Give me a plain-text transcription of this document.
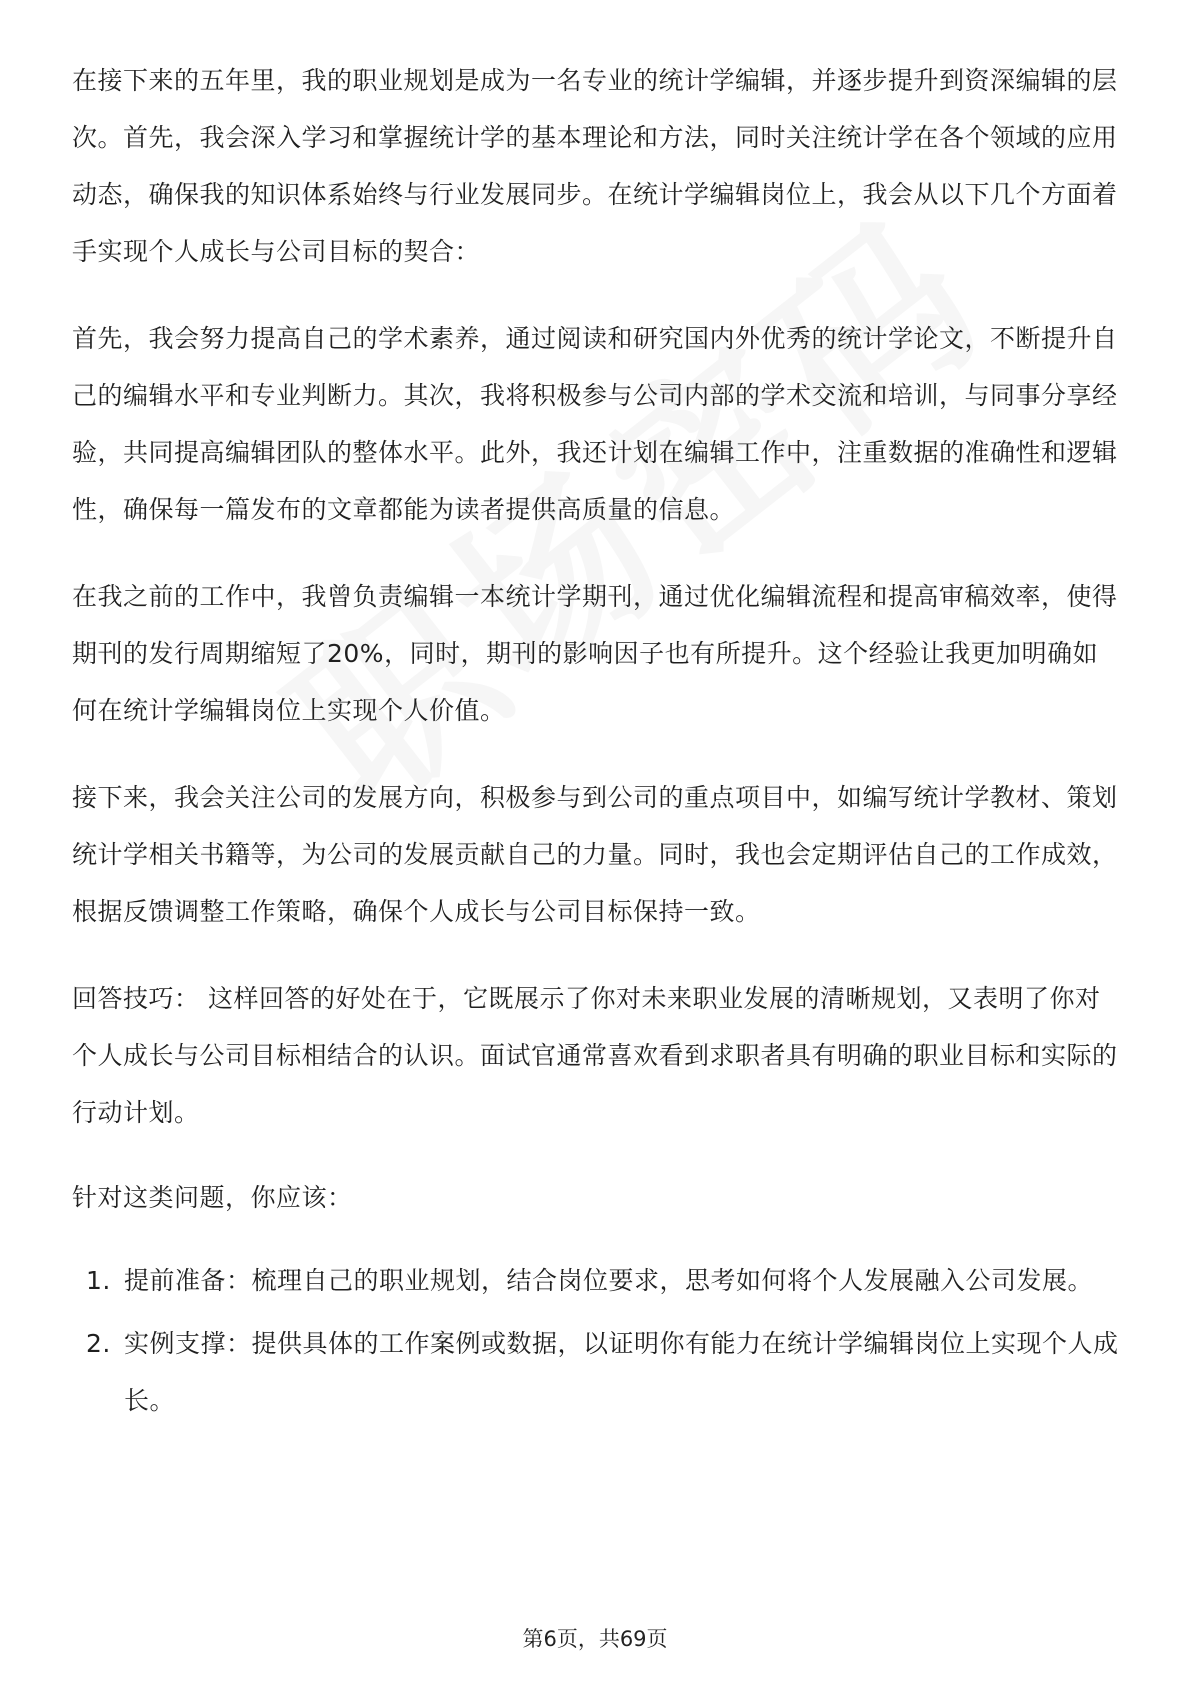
在接下来的五年里，我的职业规划是成为一名专业的统计学编辑，并逐步提升到资深编辑的层次。首先，我会深入学习和掌握统计学的基本理论和方法，同时关注统计学在各个领域的应用动态，确保我的知识体系始终与行业发展同步。在统计学编辑岗位上，我会从以下几个方面着手实现个人成长与公司目标的契合：

首先，我会努力提高自己的学术素养，通过阅读和研究国内外优秀的统计学论文，不断提升自己的编辑水平和专业判断力。其次，我将积极参与公司内部的学术交流和培训，与同事分享经验，共同提高编辑团队的整体水平。此外，我还计划在编辑工作中，注重数据的准确性和逻辑性，确保每一篇发布的文章都能为读者提供高质量的信息。

在我之前的工作中，我曾负责编辑一本统计学期刊，通过优化编辑流程和提高审稿效率，使得期刊的发行周期缩短了20%，同时，期刊的影响因子也有所提升。这个经验让我更加明确如何在统计学编辑岗位上实现个人价值。

接下来，我会关注公司的发展方向，积极参与到公司的重点项目中，如编写统计学教材、策划统计学相关书籍等，为公司的发展贡献自己的力量。同时，我也会定期评估自己的工作成效，根据反馈调整工作策略，确保个人成长与公司目标保持一致。

回答技巧： 这样回答的好处在于，它既展示了你对未来职业发展的清晰规划，又表明了你对个人成长与公司目标相结合的认识。面试官通常喜欢看到求职者具有明确的职业目标和实际的行动计划。

针对这类问题，你应该：

1. 提前准备：梳理自己的职业规划，结合岗位要求，思考如何将个人发展融入公司发展。
2. 实例支撑：提供具体的工作案例或数据，以证明你有能力在统计学编辑岗位上实现个人成长。
第6页，共69页
